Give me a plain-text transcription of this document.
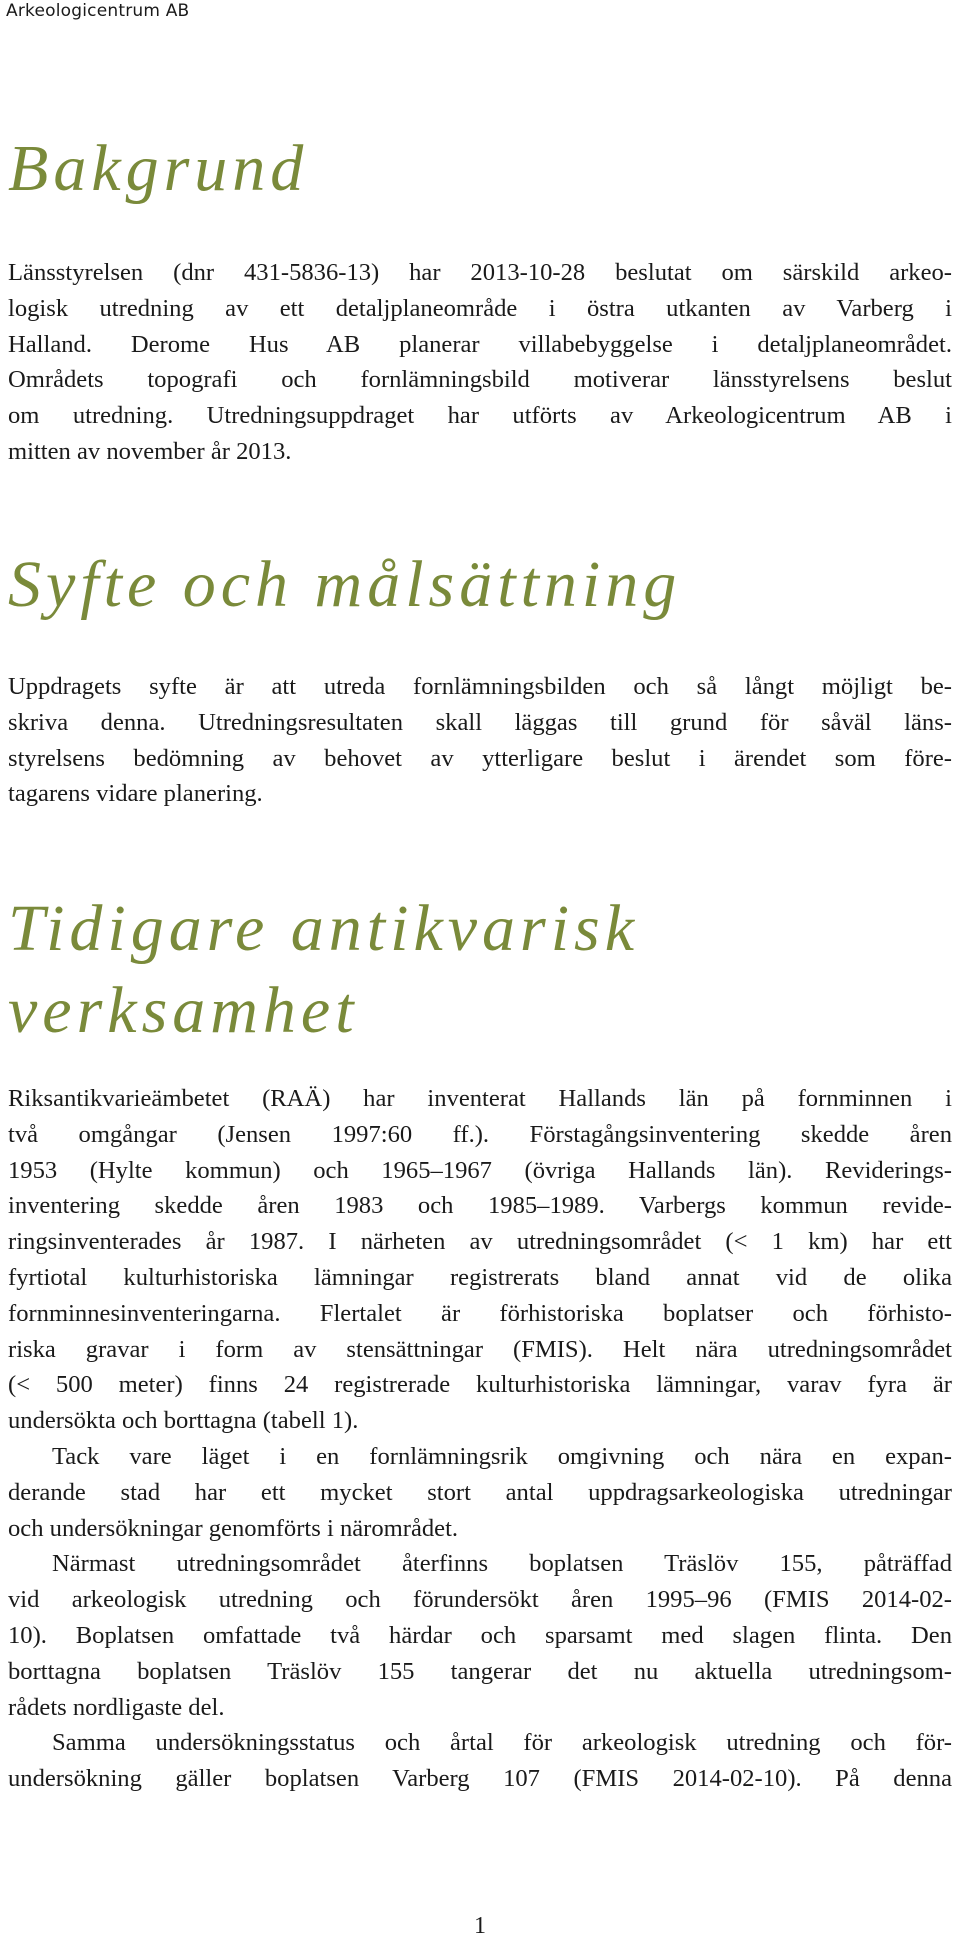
Arkeologicentrum AB
Bakgrund
Länsstyrelsen (dnr 431-5836-13) har 2013-10-28 beslutat om särskild arkeo-
logisk utredning av ett detaljplaneområde i östra utkanten av Varberg i
Halland. Derome Hus AB planerar villabebyggelse i detaljplaneområdet.
Områdets topografi och fornlämningsbild motiverar länsstyrelsens beslut
om utredning. Utredningsuppdraget har utförts av Arkeologicentrum AB i
mitten av november år 2013.
Syfte och målsättning
Uppdragets syfte är att utreda fornlämningsbilden och så långt möjligt be-
skriva denna. Utredningsresultaten skall läggas till grund för såväl läns-
styrelsens bedömning av behovet av ytterligare beslut i ärendet som före-
tagarens vidare planering.
Tidigare antikvarisk
verksamhet
Riksantikvarieämbetet (RAÄ) har inventerat Hallands län på fornminnen i
två omgångar (Jensen 1997:60 ff.). Förstagångsinventering skedde åren
1953 (Hylte kommun) och 1965–1967 (övriga Hallands län). Reviderings-
inventering skedde åren 1983 och 1985–1989. Varbergs kommun revide-
ringsinventerades år 1987. I närheten av utredningsområdet (< 1 km) har ett
fyrtiotal kulturhistoriska lämningar registrerats bland annat vid de olika
fornminnesinventeringarna. Flertalet är förhistoriska boplatser och förhisto-
riska gravar i form av stensättningar (FMIS). Helt nära utredningsområdet
(< 500 meter) finns 24 registrerade kulturhistoriska lämningar, varav fyra är
undersökta och borttagna (tabell 1).
Tack vare läget i en fornlämningsrik omgivning och nära en expan-
derande stad har ett mycket stort antal uppdragsarkeologiska utredningar
och undersökningar genomförts i närområdet.
Närmast utredningsområdet återfinns boplatsen Träslöv 155, påträffad
vid arkeologisk utredning och förundersökt åren 1995–96 (FMIS 2014-02-
10). Boplatsen omfattade två härdar och sparsamt med slagen flinta. Den
borttagna boplatsen Träslöv 155 tangerar det nu aktuella utredningsom-
rådets nordligaste del.
Samma undersökningsstatus och årtal för arkeologisk utredning och för-
undersökning gäller boplatsen Varberg 107 (FMIS 2014-02-10). På denna
1
